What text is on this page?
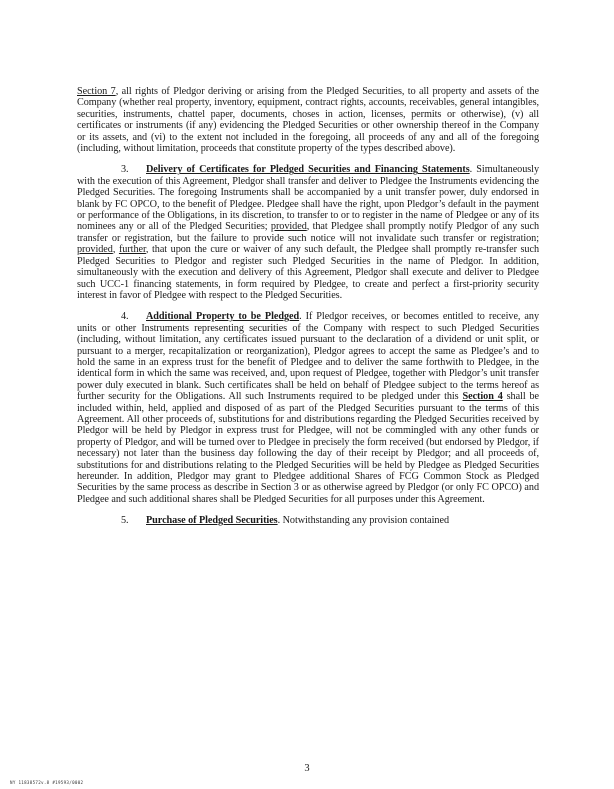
Section 7, all rights of Pledgor deriving or arising from the Pledged Securities, to all property and assets of the Company (whether real property, inventory, equipment, contract rights, accounts, receivables, general intangibles, securities, instruments, chattel paper, documents, choses in action, licenses, permits or otherwise), (v) all certificates or instruments (if any) evidencing the Pledged Securities or other ownership thereof in the Company or its assets, and (vi) to the extent not included in the foregoing, all proceeds of any and all of the foregoing (including, without limitation, proceeds that constitute property of the types described above).

3. Delivery of Certificates for Pledged Securities and Financing Statements. Simultaneously with the execution of this Agreement, Pledgor shall transfer and deliver to Pledgee the Instruments evidencing the Pledged Securities. The foregoing Instruments shall be accompanied by a unit transfer power, duly endorsed in blank by FC OPCO, to the benefit of Pledgee. Pledgee shall have the right, upon Pledgor’s default in the payment or performance of the Obligations, in its discretion, to transfer to or to register in the name of Pledgee or any of its nominees any or all of the Pledged Securities; provided, that Pledgee shall promptly notify Pledgor of any such transfer or registration, but the failure to provide such notice will not invalidate such transfer or registration; provided, further, that upon the cure or waiver of any such default, the Pledgee shall promptly re-transfer such Pledged Securities to Pledgor and register such Pledged Securities in the name of Pledgor. In addition, simultaneously with the execution and delivery of this Agreement, Pledgor shall execute and deliver to Pledgee such UCC-1 financing statements, in form required by Pledgee, to create and perfect a first-priority security interest in favor of Pledgee with respect to the Pledged Securities.

4. Additional Property to be Pledged. If Pledgor receives, or becomes entitled to receive, any units or other Instruments representing securities of the Company with respect to such Pledged Securities (including, without limitation, any certificates issued pursuant to the declaration of a dividend or unit split, or pursuant to a merger, recapitalization or reorganization), Pledgor agrees to accept the same as Pledgee’s and to hold the same in an express trust for the benefit of Pledgee and to deliver the same forthwith to Pledgee, in the identical form in which the same was received, and, upon request of Pledgee, together with Pledgor’s unit transfer power duly executed in blank. Such certificates shall be held on behalf of Pledgee subject to the terms hereof as further security for the Obligations. All such Instruments required to be pledged under this Section 4 shall be included within, held, applied and disposed of as part of the Pledged Securities pursuant to the terms of this Agreement. All other proceeds of, substitutions for and distributions regarding the Pledged Securities received by Pledgor will be held by Pledgor in express trust for Pledgee, will not be commingled with any other funds or property of Pledgor, and will be turned over to Pledgee in precisely the form received (but endorsed by Pledgor, if necessary) not later than the business day following the day of their receipt by Pledgor; and all proceeds of, substitutions for and distributions relating to the Pledged Securities will be held by Pledgee as Pledged Securities hereunder. In addition, Pledgor may grant to Pledgee additional Shares of FCG Common Stock as Pledged Securities by the same process as describe in Section 3 or as otherwise agreed by Pledgor (or only FC OPCO) and Pledgee and such additional shares shall be Pledged Securities for all purposes under this Agreement.

5. Purchase of Pledged Securities. Notwithstanding any provision contained

3
NY 11838572v.8 #19593/0002
